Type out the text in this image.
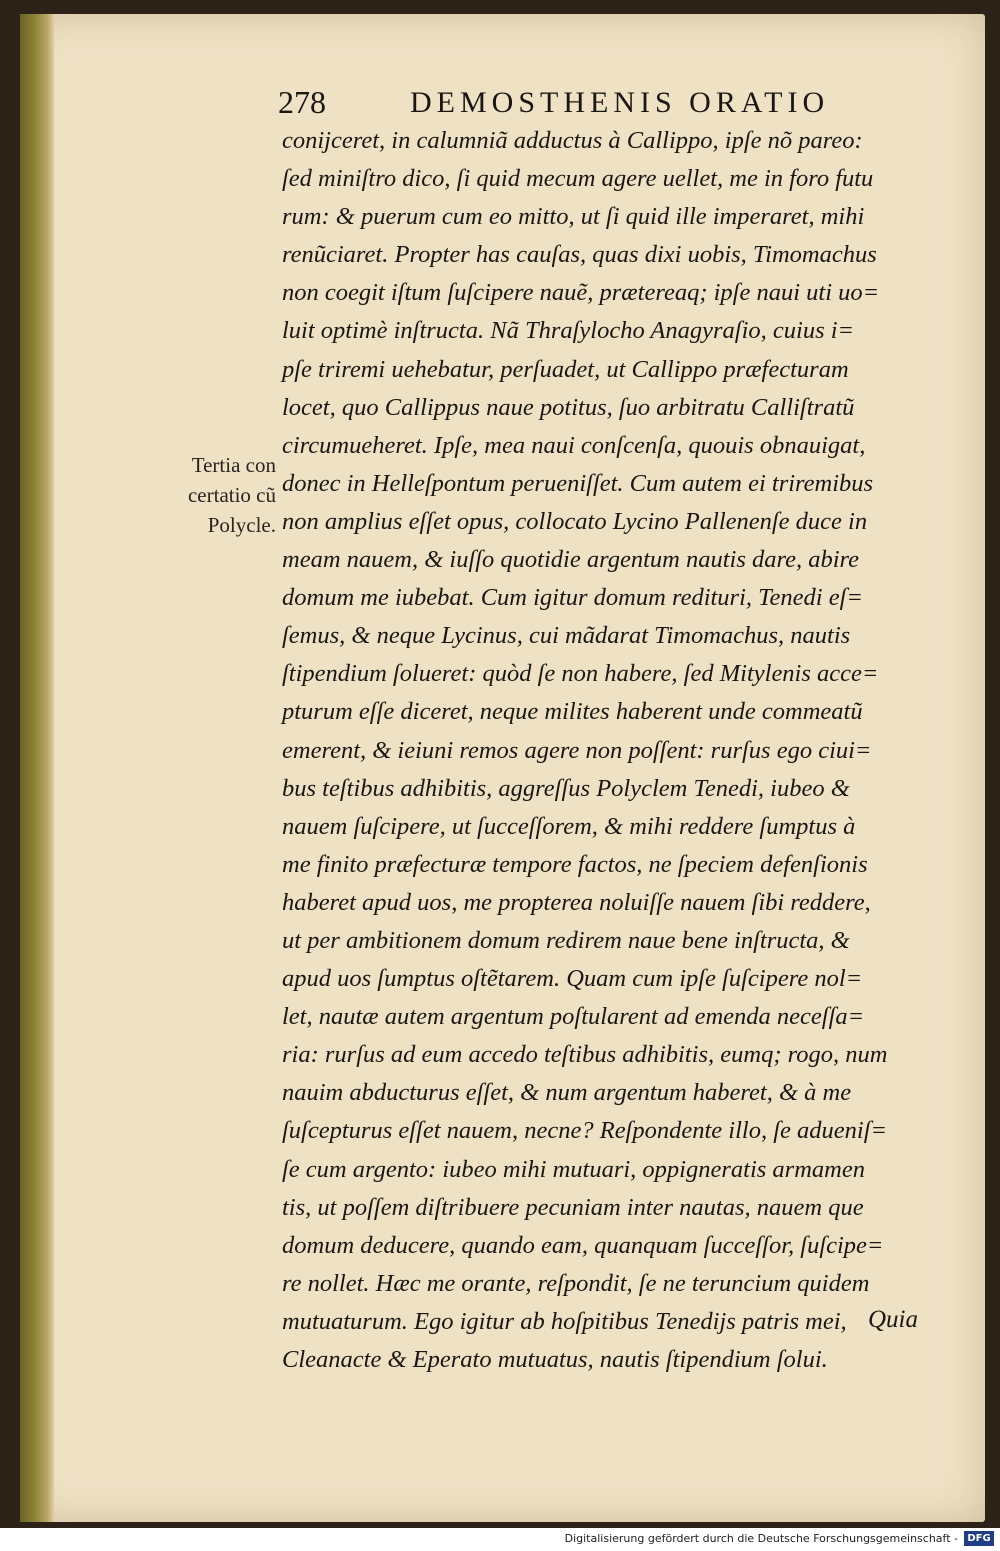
278	DEMOSTHENIS ORATIO
Tertia con
certatio cũ
Polycle.
conijceret, in calumniã adductus à Callippo, ipſe nõ pareo:
ſed miniſtro dico, ſi quid mecum agere uellet, me in foro futu
rum: & puerum cum eo mitto, ut ſi quid ille imperaret, mihi
renũciaret. Propter has cauſas, quas dixi uobis, Timomachus
non coegit iſtum ſuſcipere nauẽ, prætereaq; ipſe naui uti uo=
luit optimè inſtructa. Nã Thraſylocho Anagyraſio, cuius i=
pſe triremi uehebatur, perſuadet, ut Callippo præfecturam
locet, quo Callippus naue potitus, ſuo arbitratu Calliſtratũ
circumueheret. Ipſe, mea naui conſcenſa, quouis obnauigat,
donec in Helleſpontum perueniſſet. Cum autem ei triremibus
non amplius eſſet opus, collocato Lycino Pallenenſe duce in
meam nauem, & iuſſo quotidie argentum nautis dare, abire
domum me iubebat. Cum igitur domum redituri, Tenedi eſ=
ſemus, & neque Lycinus, cui mãdarat Timomachus, nautis
ſtipendium ſolueret: quòd ſe non habere, ſed Mitylenis acce=
pturum eſſe diceret, neque milites haberent unde commeatũ
emerent, & ieiuni remos agere non poſſent: rurſus ego ciui=
bus teſtibus adhibitis, aggreſſus Polyclem Tenedi, iubeo &
nauem ſuſcipere, ut ſucceſſorem, & mihi reddere ſumptus à
me finito præfecturæ tempore factos, ne ſpeciem defenſionis
haberet apud uos, me propterea noluiſſe nauem ſibi reddere,
ut per ambitionem domum redirem naue bene inſtructa, &
apud uos ſumptus oſtẽtarem. Quam cum ipſe ſuſcipere nol=
let, nautæ autem argentum poſtularent ad emenda neceſſa=
ria: rurſus ad eum accedo teſtibus adhibitis, eumq; rogo, num
nauim abducturus eſſet, & num argentum haberet, & à me
ſuſcepturus eſſet nauem, necne? Reſpondente illo, ſe aduenіſ=
ſe cum argento: iubeo mihi mutuari, oppigneratis armamen
tis, ut poſſem diſtribuere pecuniam inter nautas, nauem que
domum deducere, quando eam, quanquam ſucceſſor, ſuſcipe=
re nollet. Hæc me orante, reſpondit, ſe ne teruncium quidem
mutuaturum. Ego igitur ab hoſpitibus Tenedijs patris mei,
Cleanacte & Eperato mutuatus, nautis ſtipendium ſolui.
Quia
Digitalisierung gefördert durch die Deutsche Forschungsgemeinschaft - DFG
